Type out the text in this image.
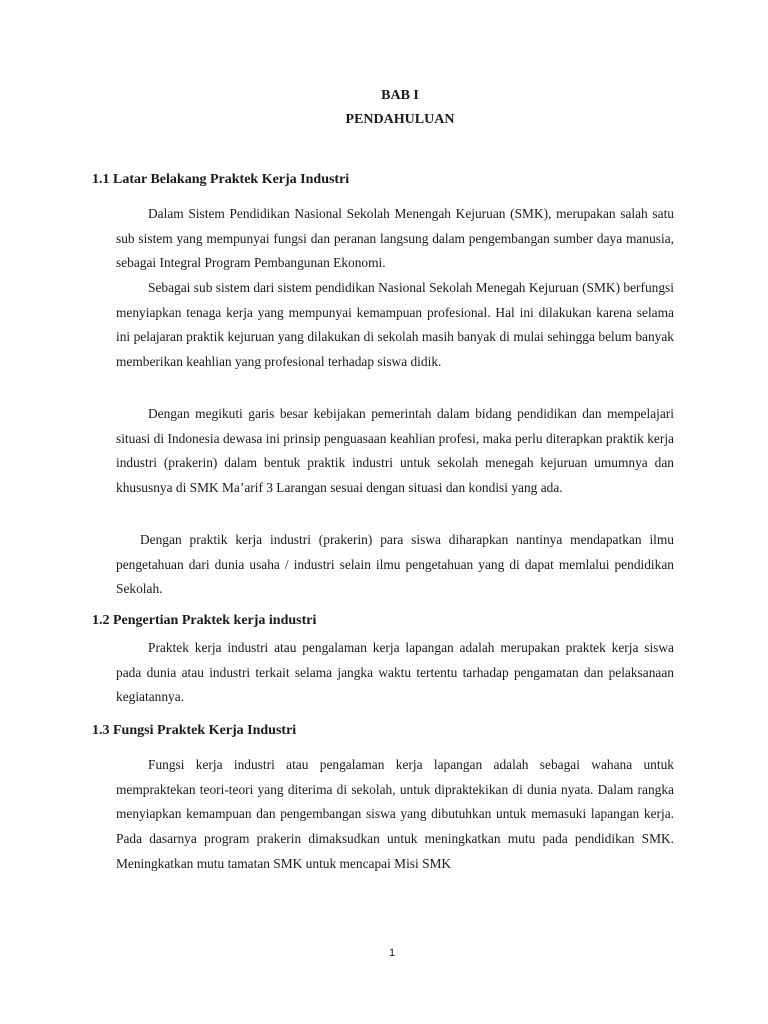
BAB I

PENDAHULUAN

1.1 Latar Belakang Praktek Kerja Industri

Dalam Sistem Pendidikan Nasional Sekolah Menengah Kejuruan (SMK), merupakan salah satu sub sistem yang mempunyai fungsi dan peranan langsung dalam pengembangan sumber daya manusia, sebagai Integral Program Pembangunan Ekonomi.

Sebagai sub sistem dari sistem pendidikan Nasional Sekolah Menegah Kejuruan (SMK) berfungsi menyiapkan tenaga kerja yang mempunyai kemampuan profesional. Hal ini dilakukan karena selama ini pelajaran praktik kejuruan yang dilakukan di sekolah masih banyak di mulai sehingga belum banyak memberikan keahlian yang profesional terhadap siswa didik.

Dengan megikuti garis besar kebijakan pemerintah dalam bidang pendidikan dan mempelajari situasi di Indonesia dewasa ini prinsip penguasaan keahlian profesi, maka perlu diterapkan praktik kerja industri (prakerin) dalam bentuk praktik industri untuk sekolah menegah kejuruan umumnya dan khususnya di SMK Ma’arif 3 Larangan sesuai dengan situasi dan kondisi yang ada.

Dengan praktik kerja industri (prakerin) para siswa diharapkan nantinya mendapatkan ilmu pengetahuan dari dunia usaha / industri selain ilmu pengetahuan yang di dapat memlalui pendidikan Sekolah.

1.2 Pengertian Praktek kerja industri

Praktek kerja industri atau pengalaman kerja lapangan adalah merupakan praktek kerja siswa pada dunia atau industri terkait selama jangka waktu tertentu tarhadap pengamatan dan pelaksanaan kegiatannya.

1.3 Fungsi Praktek Kerja Industri

Fungsi kerja industri atau pengalaman kerja lapangan adalah sebagai wahana untuk mempraktekan teori-teori yang diterima di sekolah, untuk dipraktekikan di dunia nyata. Dalam rangka menyiapkan kemampuan dan pengembangan siswa yang dibutuhkan untuk memasuki lapangan kerja. Pada dasarnya program prakerin dimaksudkan untuk meningkatkan mutu pada pendidikan SMK. Meningkatkan mutu tamatan SMK untuk mencapai Misi SMK

1
